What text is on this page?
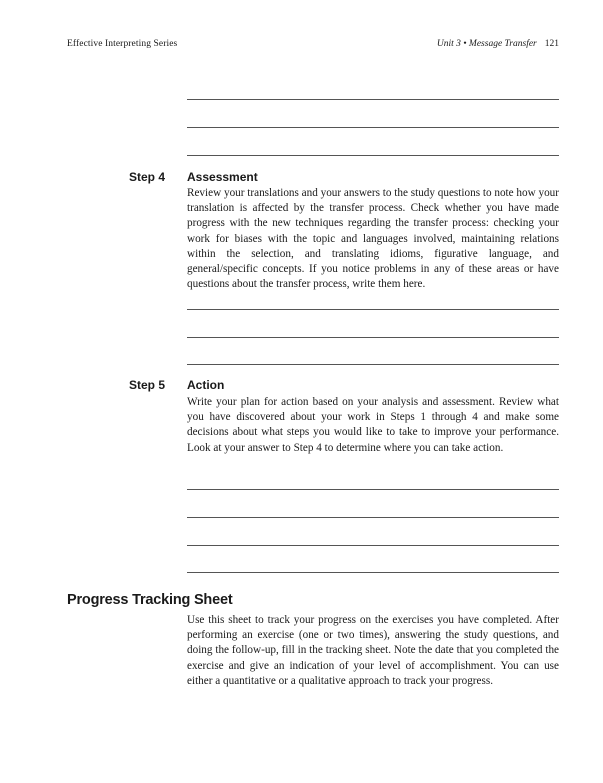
Effective Interpreting Series	Unit 3 • Message Transfer 121
Step 4 Assessment
Review your translations and your answers to the study questions to note how your translation is affected by the transfer process. Check whether you have made progress with the new techniques regarding the transfer process: checking your work for biases with the topic and languages involved, maintaining relations within the selection, and translating idioms, figurative language, and general/specific concepts. If you notice problems in any of these areas or have questions about the transfer process, write them here.
Step 5 Action
Write your plan for action based on your analysis and assessment. Review what you have discovered about your work in Steps 1 through 4 and make some decisions about what steps you would like to take to improve your performance. Look at your answer to Step 4 to determine where you can take action.
Progress Tracking Sheet
Use this sheet to track your progress on the exercises you have completed. After performing an exercise (one or two times), answering the study questions, and doing the follow-up, fill in the tracking sheet. Note the date that you completed the exercise and give an indication of your level of accomplishment. You can use either a quantitative or a qualitative approach to track your progress.
